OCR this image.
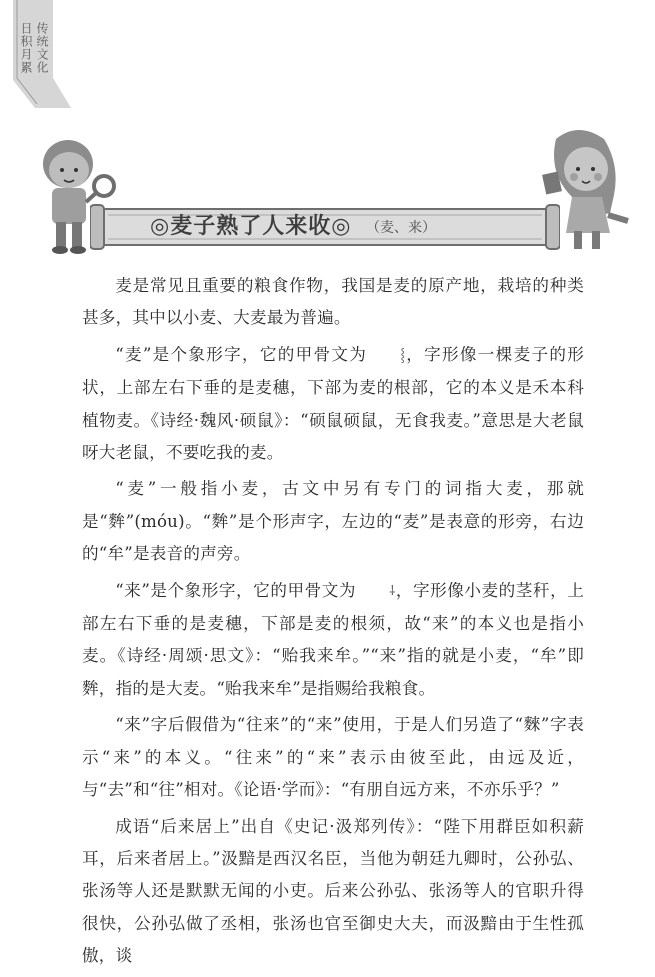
传统文化
日积月累
◎麦子熟了人来收◎ （麦、来）

麦是常见且重要的粮食作物，我国是麦的原产地，栽培的种类甚多，其中以小麦、大麦最为普遍。

“麦”是个象形字，它的甲骨文为	⸾，字形像一棵麦子的形状，上部左右下垂的是麦穗，下部为麦的根部，它的本义是禾本科植物麦。《诗经·魏风·硕鼠》：“硕鼠硕鼠，无食我麦。”意思是大老鼠呀大老鼠，不要吃我的麦。

“麦”一般指小麦，古文中另有专门的词指大麦，那就是“麰”(móu)。“麰”是个形声字，左边的“麦”是表意的形旁，右边的“牟”是表音的声旁。

“来”是个象形字，它的甲骨文为	⸸，字形像小麦的茎秆，上部左右下垂的是麦穗，下部是麦的根须，故“来”的本义也是指小麦。《诗经·周颂·思文》：“贻我来牟。”“来”指的就是小麦，“牟”即麰，指的是大麦。“贻我来牟”是指赐给我粮食。

“来”字后假借为“往来”的“来”使用，于是人们另造了“麳”字表示“来”的本义。“往来”的“来”表示由彼至此，由远及近，与“去”和“往”相对。《论语·学而》：“有朋自远方来，不亦乐乎？”

成语“后来居上”出自《史记·汲郑列传》：“陛下用群臣如积薪耳，后来者居上。”汲黯是西汉名臣，当他为朝廷九卿时，公孙弘、张汤等人还是默默无闻的小吏。后来公孙弘、张汤等人的官职升得很快，公孙弘做了丞相，张汤也官至御史大夫，而汲黯由于生性孤傲，谈
